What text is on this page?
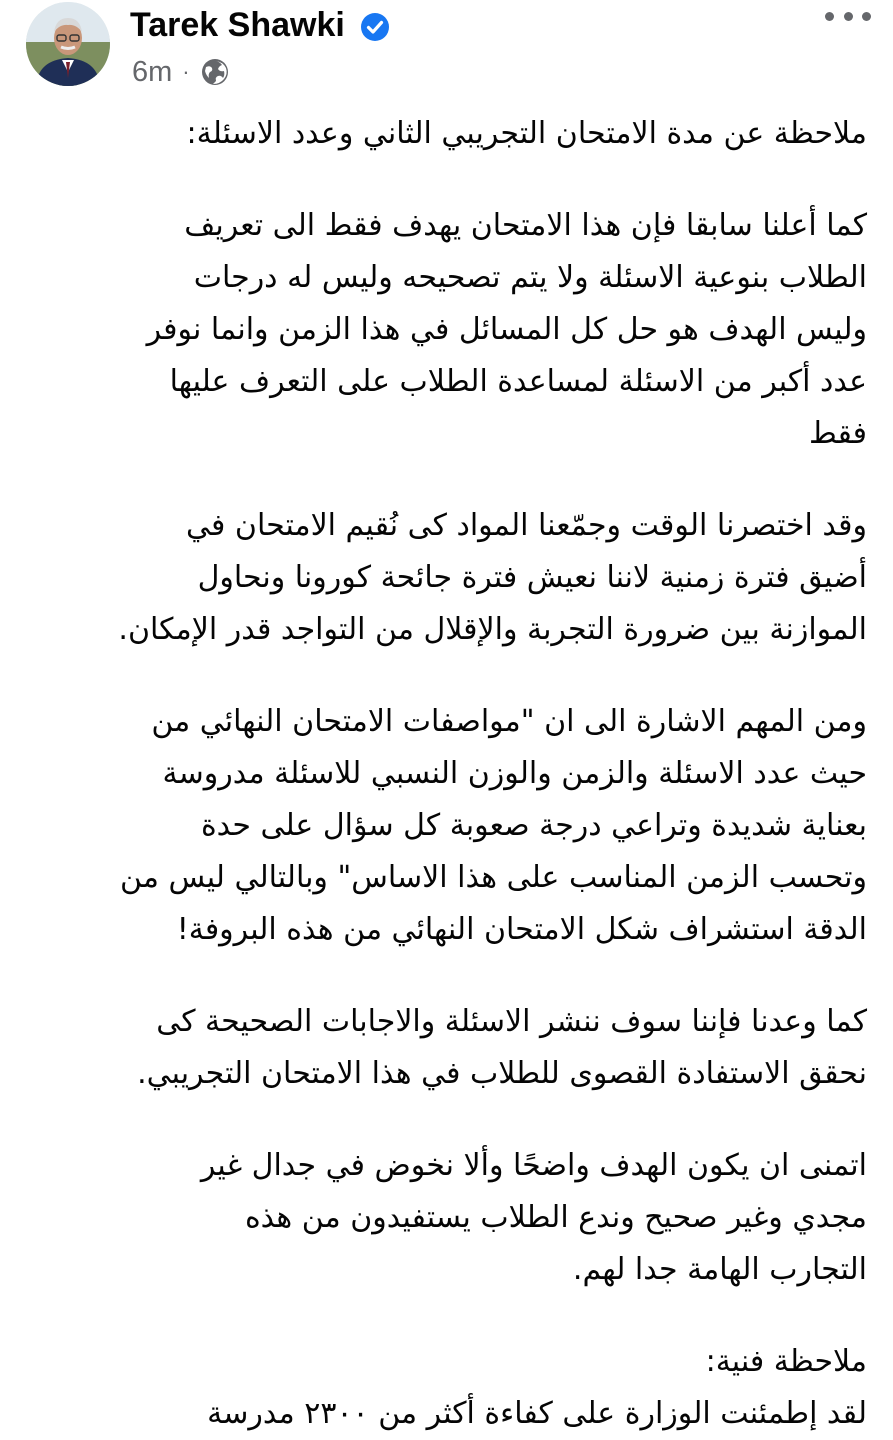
Tarek Shawki
6m ·

ملاحظة عن مدة الامتحان التجريبي الثاني وعدد الاسئلة:

كما أعلنا سابقا فإن هذا الامتحان يهدف فقط الى تعريف
الطلاب بنوعية الاسئلة ولا يتم تصحيحه وليس له درجات
وليس الهدف هو حل كل المسائل في هذا الزمن وانما نوفر
عدد أكبر من الاسئلة لمساعدة الطلاب على التعرف عليها
فقط

وقد اختصرنا الوقت وجمّعنا المواد كى نُقيم الامتحان في
أضيق فترة زمنية لاننا نعيش فترة جائحة كورونا ونحاول
الموازنة بين ضرورة التجربة والإقلال من التواجد قدر الإمكان.

ومن المهم الاشارة الى ان "مواصفات الامتحان النهائي من
حيث عدد الاسئلة والزمن والوزن النسبي للاسئلة مدروسة
بعناية شديدة وتراعي درجة صعوبة كل سؤال على حدة
وتحسب الزمن المناسب على هذا الاساس" وبالتالي ليس من
الدقة استشراف شكل الامتحان النهائي من هذه البروفة!

كما وعدنا فإننا سوف ننشر الاسئلة والاجابات الصحيحة كى
نحقق الاستفادة القصوى للطلاب في هذا الامتحان التجريبي.

اتمنى ان يكون الهدف واضحًا وألا نخوض في جدال غير
مجدي وغير صحيح وندع الطلاب يستفيدون من هذه
التجارب الهامة جدا لهم.

ملاحظة فنية:
لقد إطمئنت الوزارة على كفاءة أكثر من ٢٣٠٠ مدرسة
